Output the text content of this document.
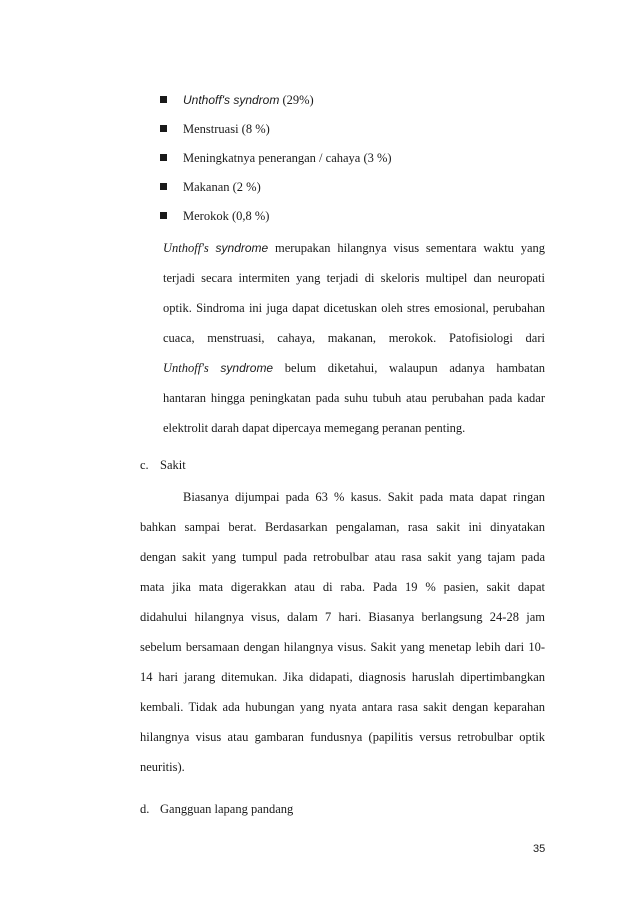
Unthoff's syndrom (29%)
Menstruasi (8 %)
Meningkatnya penerangan / cahaya (3 %)
Makanan (2 %)
Merokok (0,8 %)
Unthoff's syndrome merupakan hilangnya visus sementara waktu yang
terjadi secara intermiten yang terjadi di skeloris multipel dan neuropati
optik. Sindroma ini juga dapat dicetuskan oleh stres emosional, perubahan
cuaca, menstruasi, cahaya, makanan, merokok. Patofisiologi dari
Unthoff's syndrome belum diketahui, walaupun adanya hambatan
hantaran hingga peningkatan pada suhu tubuh atau perubahan pada kadar
elektrolit darah dapat dipercaya memegang peranan penting.
c. Sakit
Biasanya dijumpai pada 63 % kasus. Sakit pada mata dapat ringan
bahkan sampai berat. Berdasarkan pengalaman, rasa sakit ini dinyatakan
dengan sakit yang tumpul pada retrobulbar atau rasa sakit yang tajam pada
mata jika mata digerakkan atau di raba. Pada 19 % pasien, sakit dapat
didahului hilangnya visus, dalam 7 hari. Biasanya berlangsung 24-28 jam
sebelum bersamaan dengan hilangnya visus. Sakit yang menetap lebih dari 10-
14 hari jarang ditemukan. Jika didapati, diagnosis haruslah dipertimbangkan
kembali. Tidak ada hubungan yang nyata antara rasa sakit dengan keparahan
hilangnya visus atau gambaran fundusnya (papilitis versus retrobulbar optik
neuritis).
d. Gangguan lapang pandang
35
